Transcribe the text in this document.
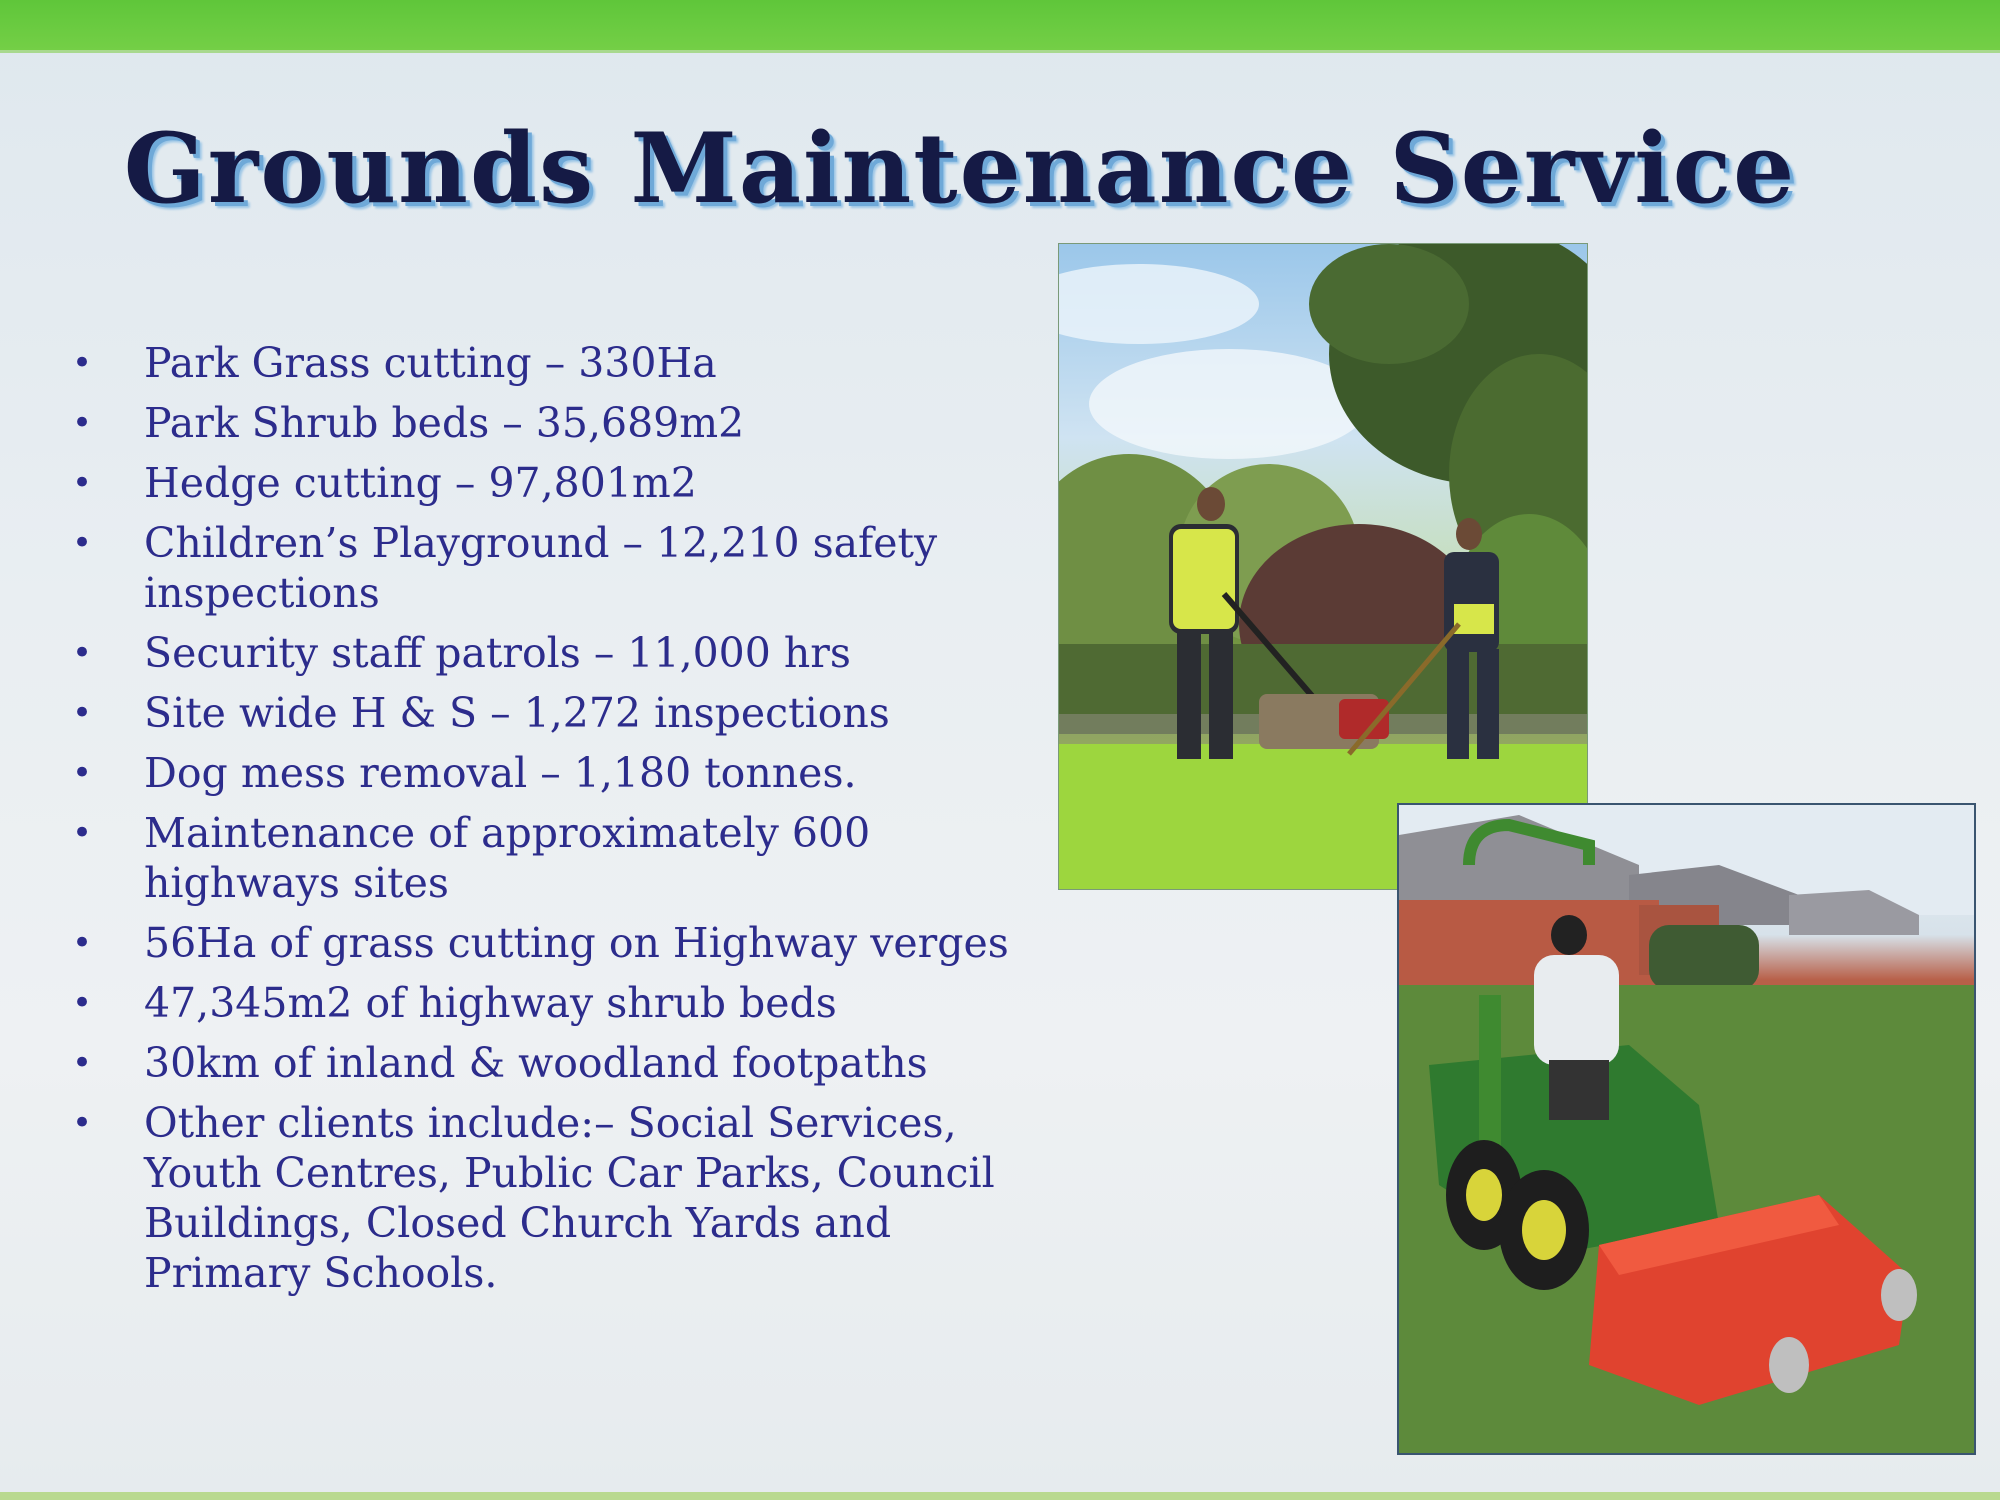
Grounds Maintenance Service
• Park Grass cutting – 330Ha
• Park Shrub beds – 35,689m2
• Hedge cutting – 97,801m2
• Children’s Playground – 12,210 safety inspections
• Security staff patrols – 11,000 hrs
• Site wide H & S – 1,272 inspections
• Dog mess removal – 1,180 tonnes.
• Maintenance of approximately 600 highways sites
• 56Ha of grass cutting on Highway verges
• 47,345m2 of highway shrub beds
• 30km of inland & woodland footpaths
• Other clients include:– Social Services, Youth Centres, Public Car Parks, Council Buildings, Closed Church Yards and Primary Schools.
